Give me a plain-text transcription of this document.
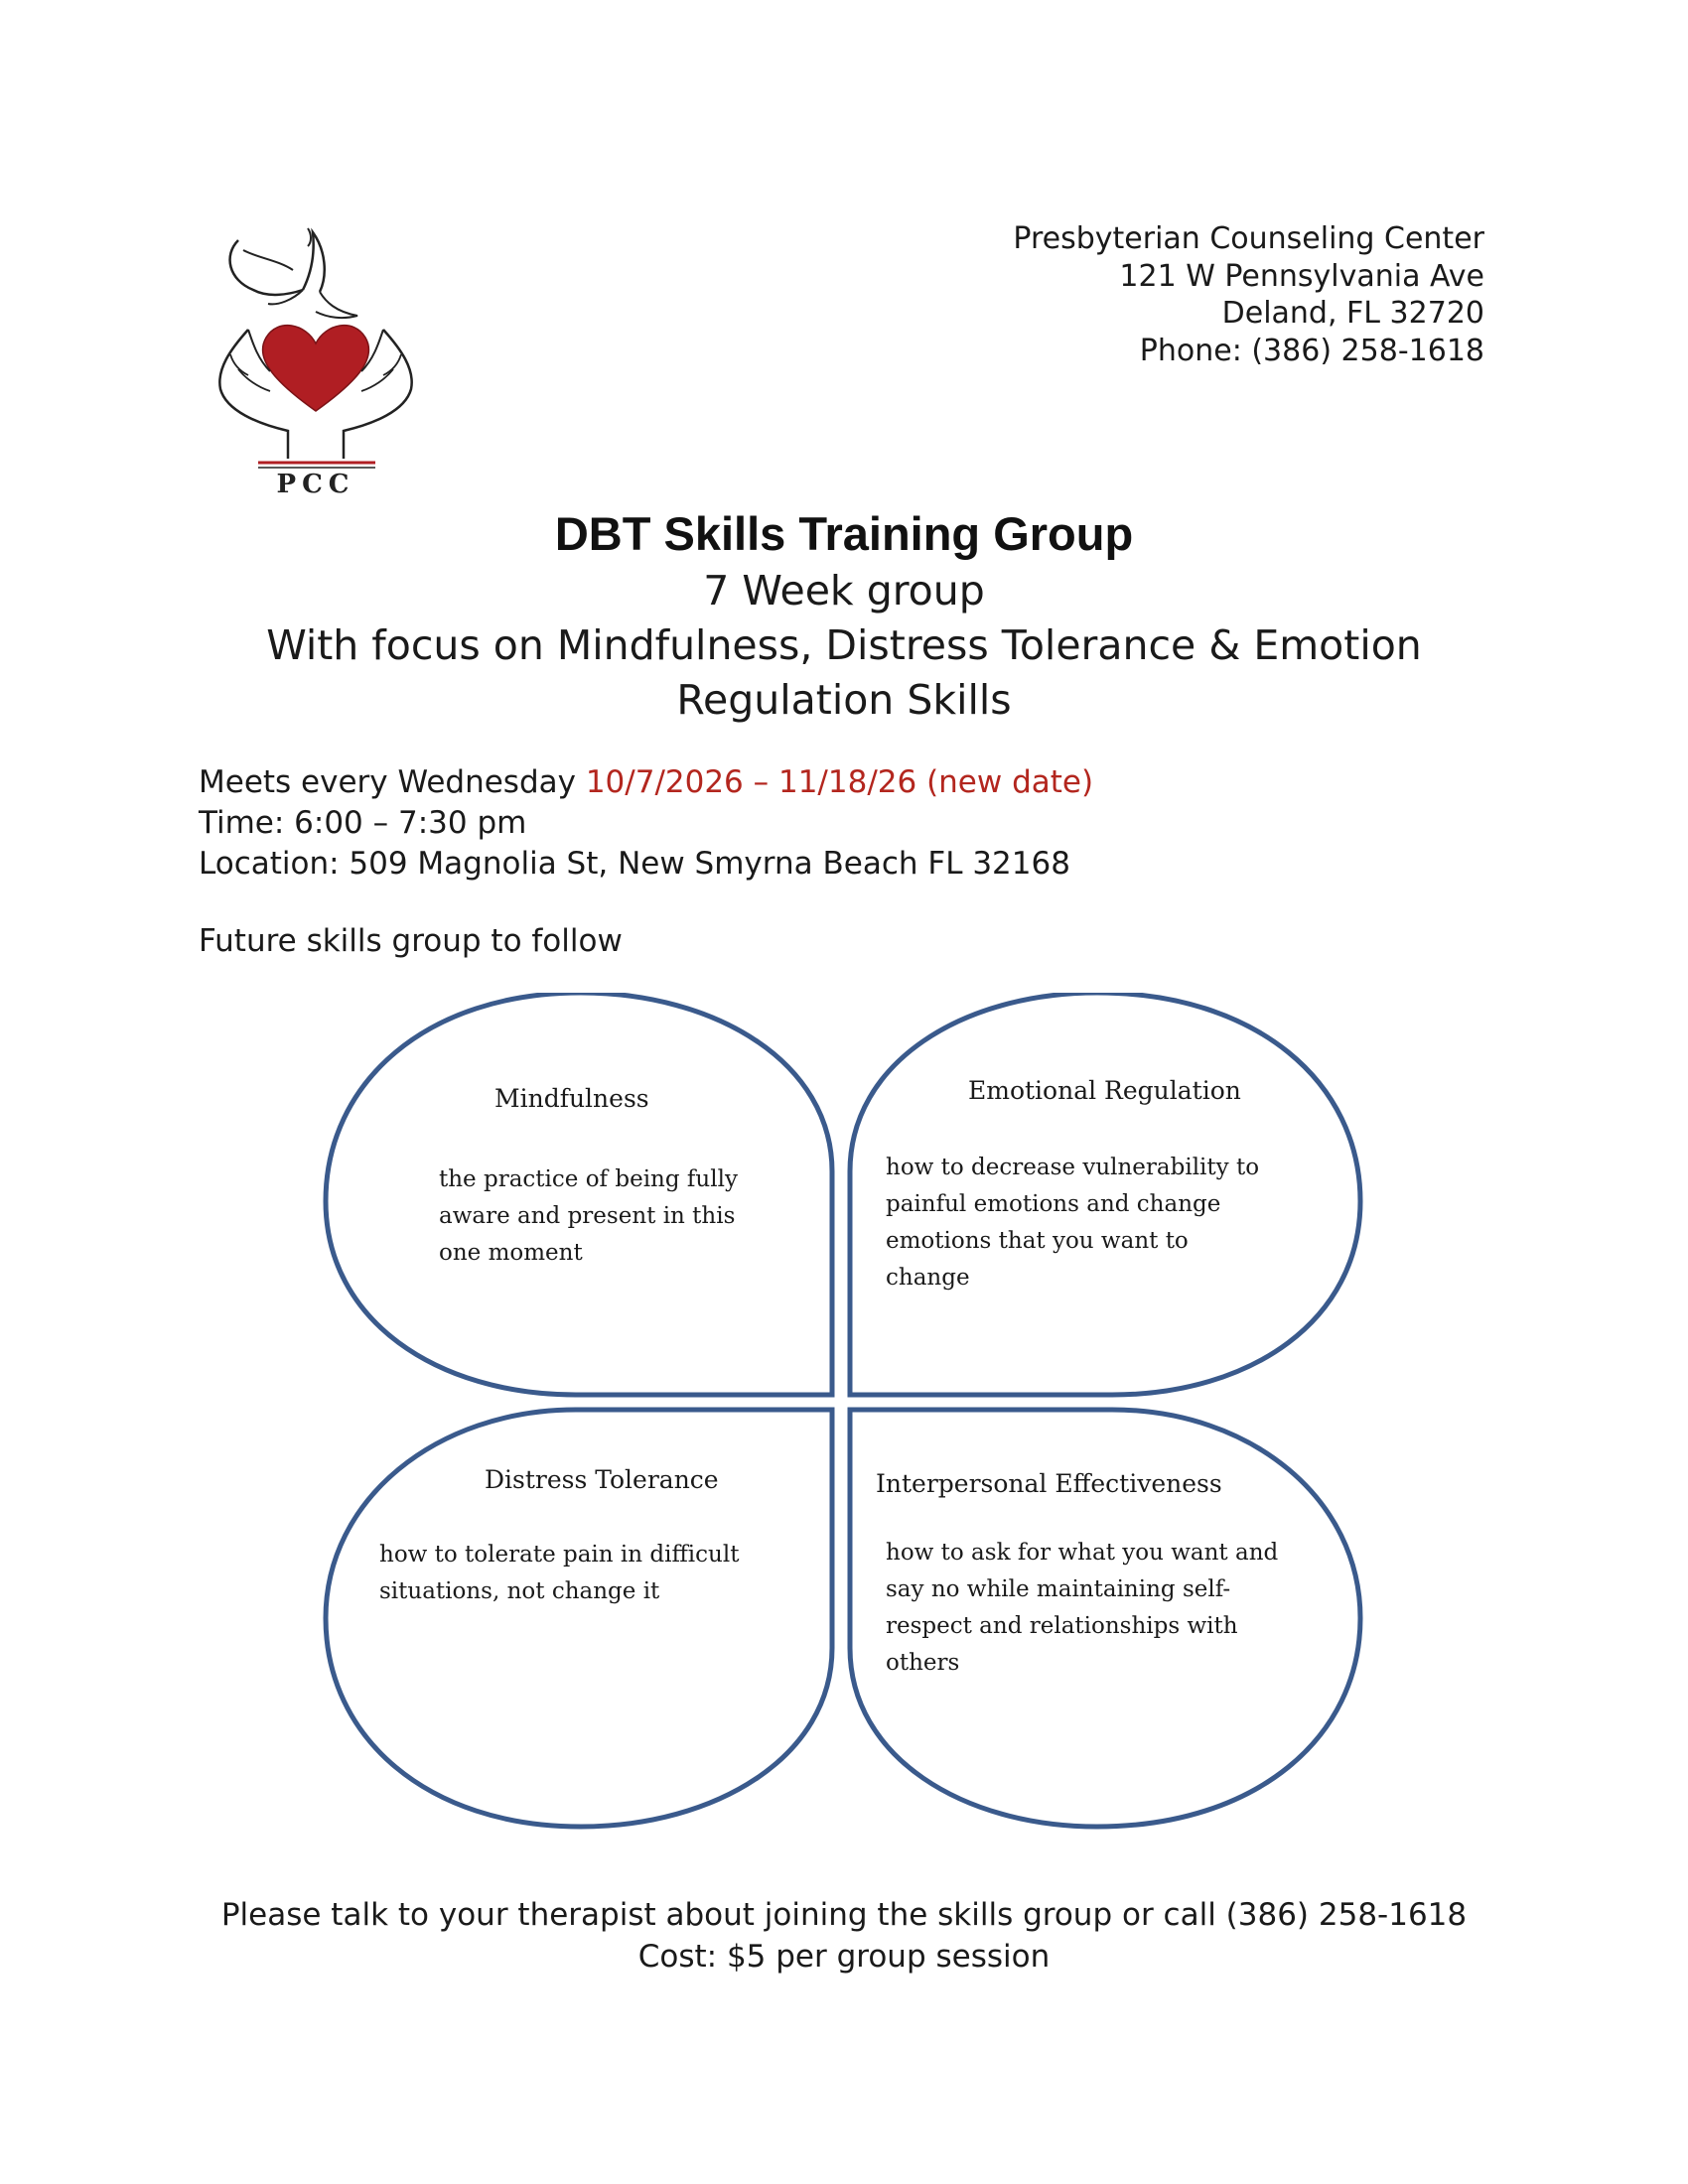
PCC
Presbyterian Counseling Center
121 W Pennsylvania Ave
Deland, FL 32720
Phone: (386) 258-1618
DBT Skills Training Group
7 Week group
With focus on Mindfulness, Distress Tolerance & Emotion
Regulation Skills
Meets every Wednesday 10/7/2026 – 11/18/26 (new date)
Time: 6:00 – 7:30 pm
Location: 509 Magnolia St, New Smyrna Beach FL 32168
Future skills group to follow
Mindfulness
the practice of being fully
aware and present in this
one moment
Emotional Regulation
how to decrease vulnerability to
painful emotions and change
emotions that you want to
change
Distress Tolerance
how to tolerate pain in difficult
situations, not change it
Interpersonal Effectiveness
how to ask for what you want and
say no while maintaining self-
respect and relationships with
others
Please talk to your therapist about joining the skills group or call (386) 258-1618
Cost: $5 per group session
